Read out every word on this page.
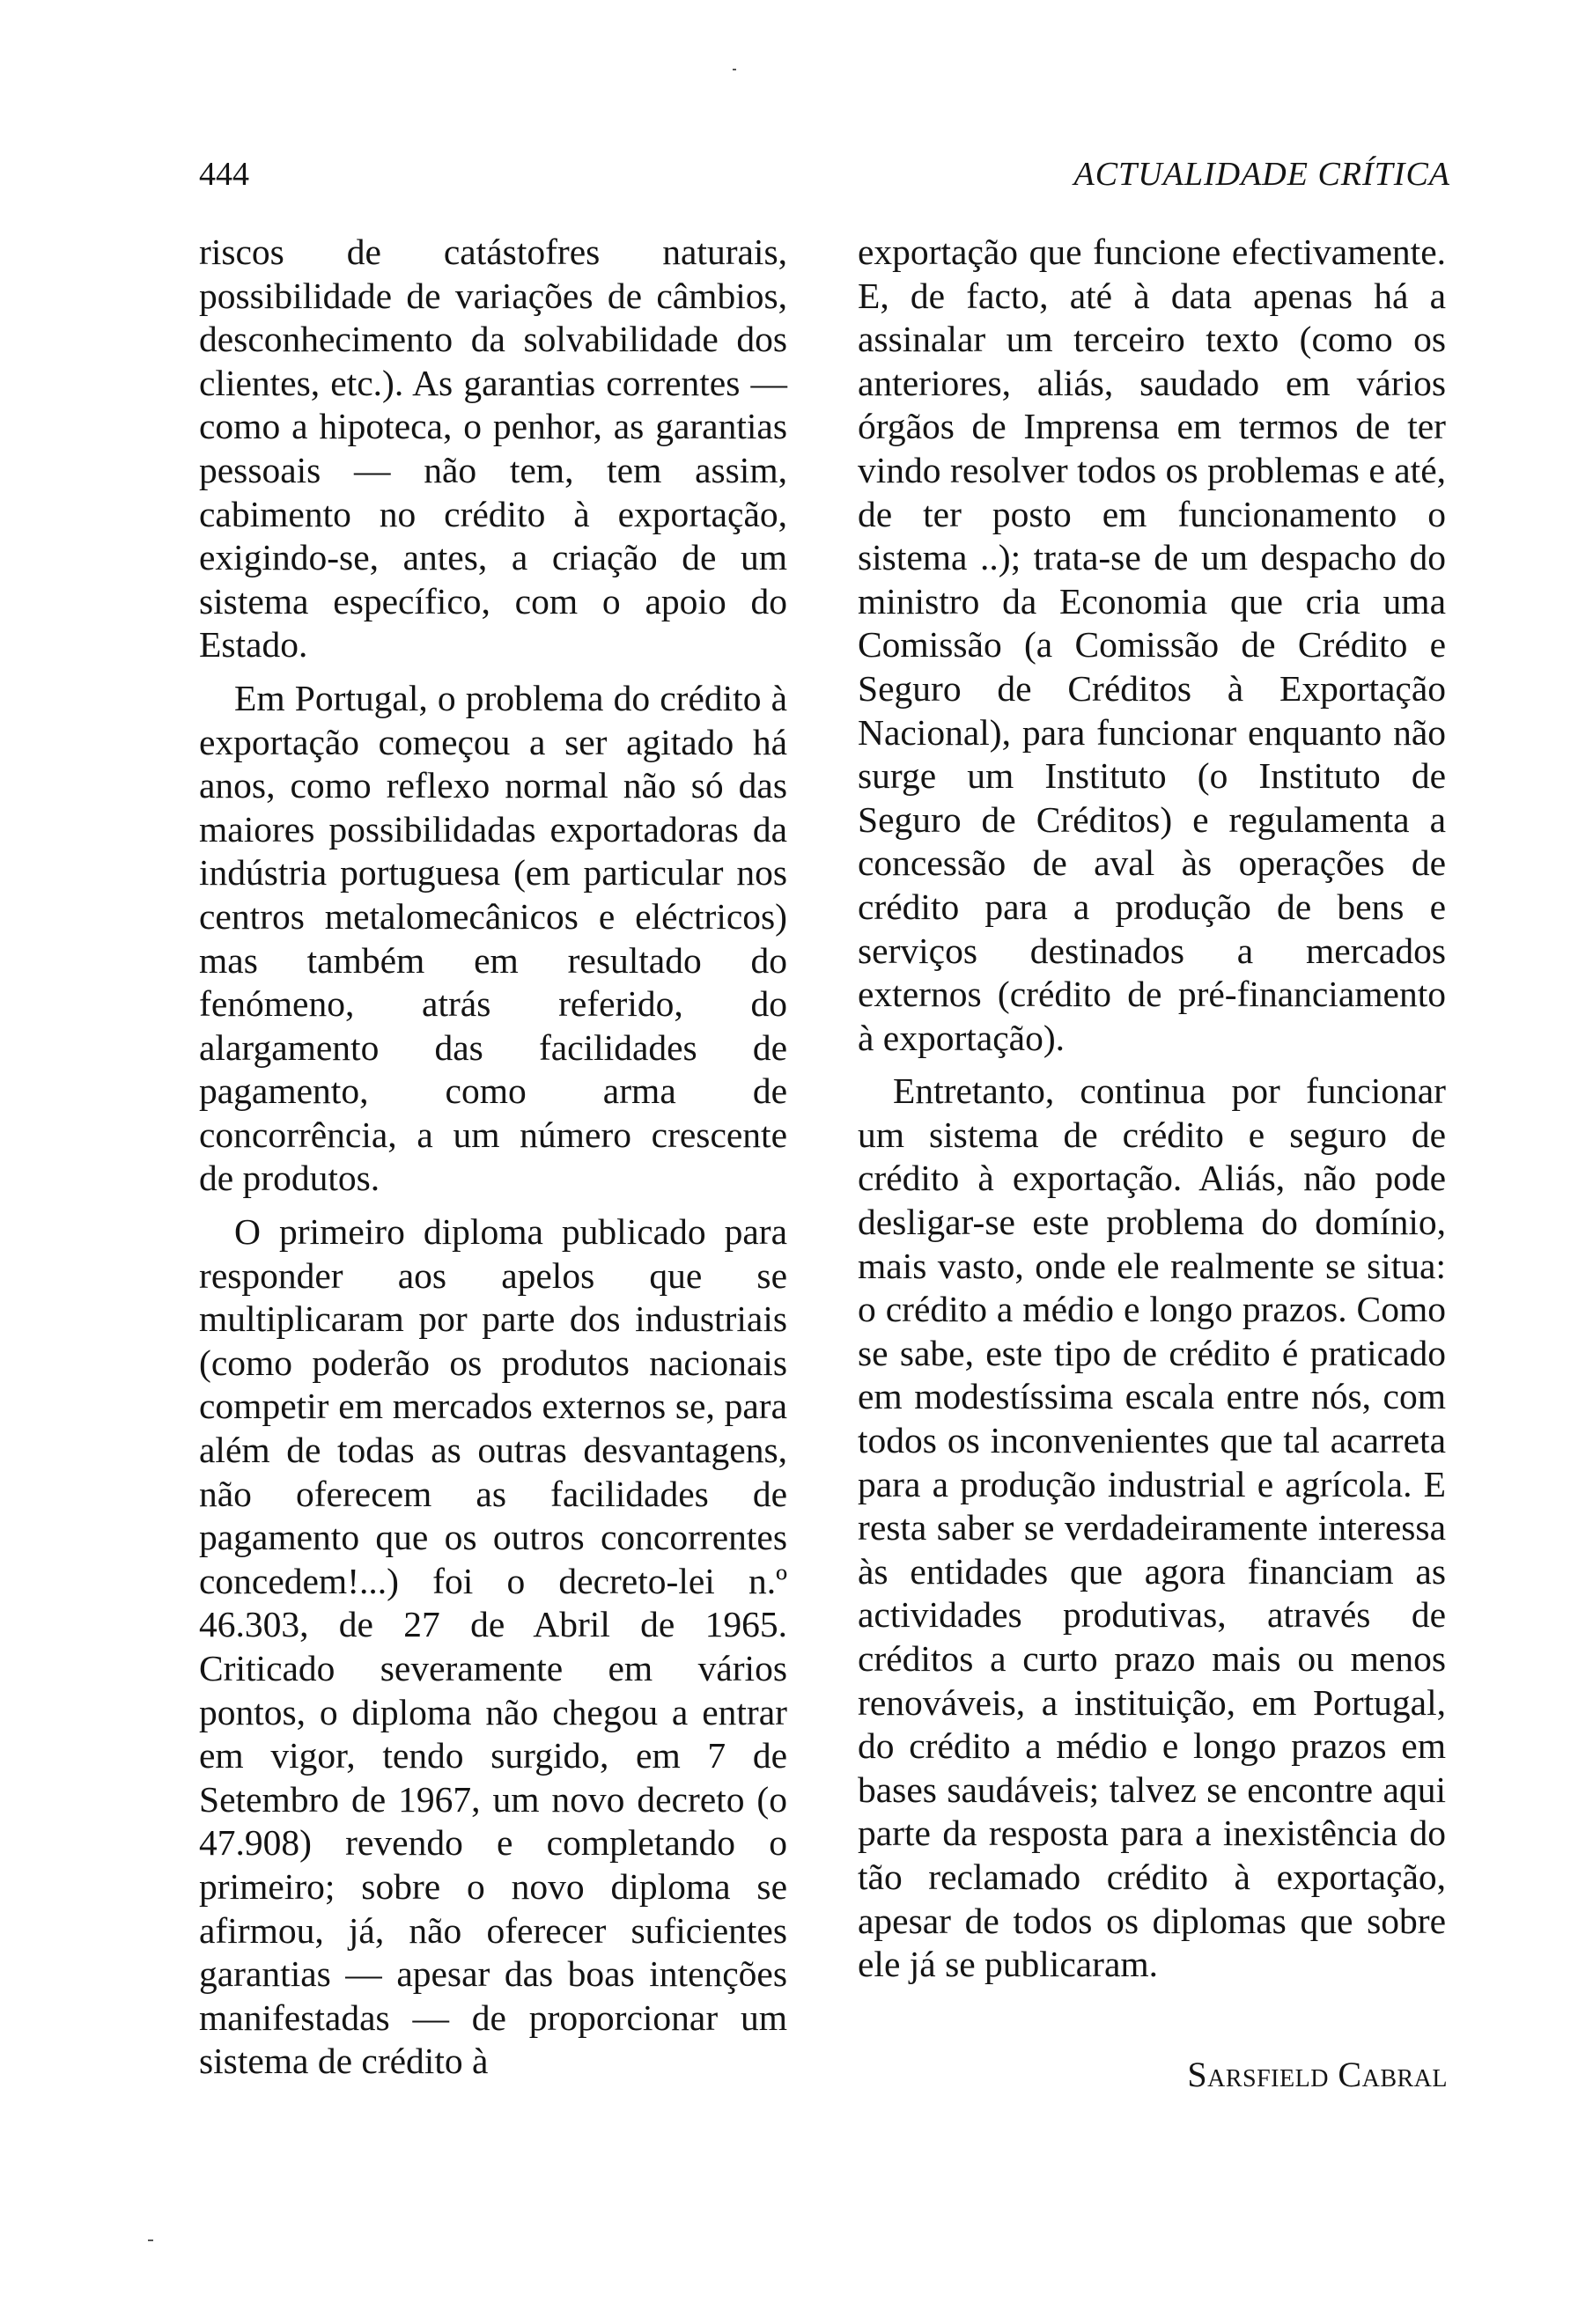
444	ACTUALIDADE CRÍTICA

riscos de catástofres naturais, possibilidade de variações de câmbios, desconhecimento da solvabilidade dos clientes, etc.). As garantias correntes — como a hipoteca, o penhor, as garantias pessoais — não tem, tem assim, cabimento no crédito à exportação, exigindo-se, antes, a criação de um sistema específico, com o apoio do Estado.

Em Portugal, o problema do crédito à exportação começou a ser agitado há anos, como reflexo normal não só das maiores possibilidadas exportadoras da indústria portuguesa (em particular nos centros metalomecânicos e eléctricos) mas também em resultado do fenómeno, atrás referido, do alargamento das facilidades de pagamento, como arma de concorrência, a um número crescente de produtos.

O primeiro diploma publicado para responder aos apelos que se multiplicaram por parte dos industriais (como poderão os produtos nacionais competir em mercados externos se, para além de todas as outras desvantagens, não oferecem as facilidades de pagamento que os outros concorrentes concedem!...) foi o decreto-lei n.º 46.303, de 27 de Abril de 1965. Criticado severamente em vários pontos, o diploma não chegou a entrar em vigor, tendo surgido, em 7 de Setembro de 1967, um novo decreto (o 47.908) revendo e completando o primeiro; sobre o novo diploma se afirmou, já, não oferecer suficientes garantias — apesar das boas intenções manifestadas — de proporcionar um sistema de crédito à

exportação que funcione efectivamente. E, de facto, até à data apenas há a assinalar um terceiro texto (como os anteriores, aliás, saudado em vários órgãos de Imprensa em termos de ter vindo resolver todos os problemas e até, de ter posto em funcionamento o sistema ..); trata-se de um despacho do ministro da Economia que cria uma Comissão (a Comissão de Crédito e Seguro de Créditos à Exportação Nacional), para funcionar enquanto não surge um Instituto (o Instituto de Seguro de Créditos) e regulamenta a concessão de aval às operações de crédito para a produção de bens e serviços destinados a mercados externos (crédito de pré-financiamento à exportação).

Entretanto, continua por funcionar um sistema de crédito e seguro de crédito à exportação. Aliás, não pode desligar-se este problema do domínio, mais vasto, onde ele realmente se situa: o crédito a médio e longo prazos. Como se sabe, este tipo de crédito é praticado em modestíssima escala entre nós, com todos os inconvenientes que tal acarreta para a produção industrial e agrícola. E resta saber se verdadeiramente interessa às entidades que agora financiam as actividades produtivas, através de créditos a curto prazo mais ou menos renováveis, a instituição, em Portugal, do crédito a médio e longo prazos em bases saudáveis; talvez se encontre aqui parte da resposta para a inexistência do tão reclamado crédito à exportação, apesar de todos os diplomas que sobre ele já se publicaram.

Sarsfield Cabral
